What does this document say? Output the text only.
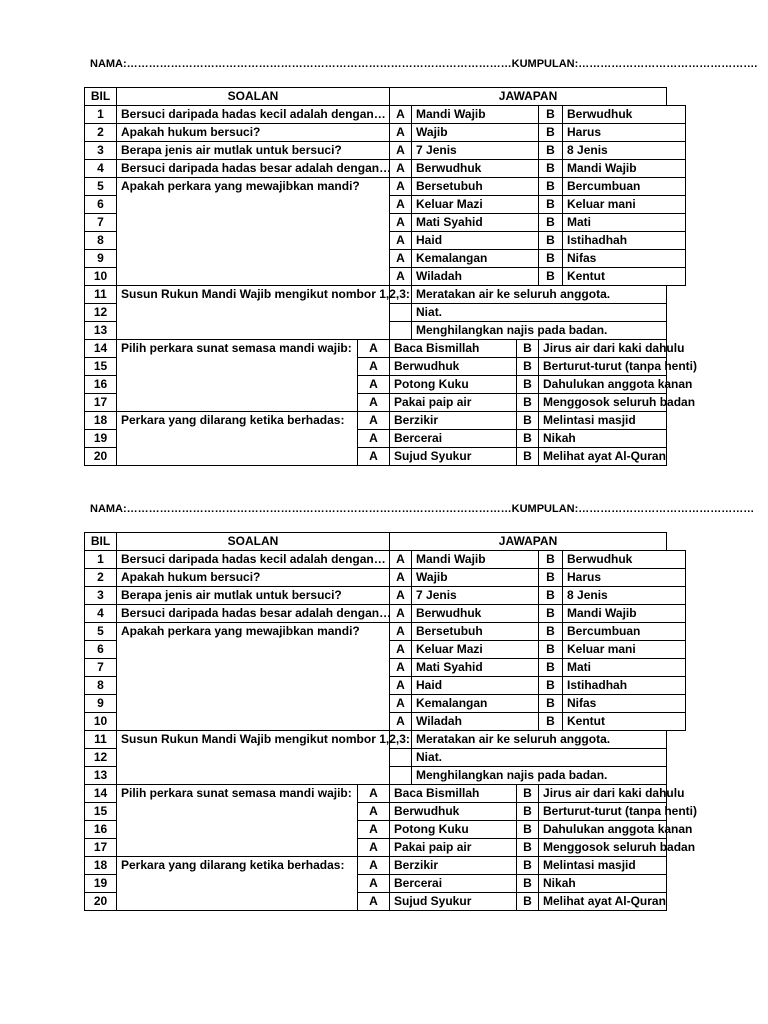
NAMA:……………………………………………………………………………………………KUMPULAN:………………………………………….
BIL	SOALAN		JAWAPAN				
1	Bersuci daripada hadas kecil adalah dengan…		A	Mandi Wajib		B	Berwudhuk
2	Apakah hukum bersuci?		A	Wajib		B	Harus
3	Berapa jenis air mutlak untuk bersuci?		A	7 Jenis		B	8 Jenis
4	Bersuci daripada hadas besar adalah dengan…		A	Berwudhuk		B	Mandi Wajib
5	Apakah perkara yang mewajibkan mandi?		A	Bersetubuh		B	Bercumbuan
6			A	Keluar Mazi		B	Keluar mani
7			A	Mati Syahid		B	Mati
8			A	Haid		B	Istihadhah
9			A	Kemalangan		B	Nifas
10			A	Wiladah		B	Kentut
11	Susun Rukun Mandi Wajib mengikut nombor 1,2,3:			Meratakan air ke seluruh anggota.			
12				Niat.			
13				Menghilangkan najis pada badan.			
14	Pilih perkara sunat semasa mandi wajib:	A	Baca Bismillah		B	Jirus air dari kaki dahulu	
15		A	Berwudhuk		B	Berturut-turut (tanpa henti)	
16		A	Potong Kuku		B	Dahulukan anggota kanan	
17		A	Pakai paip air		B	Menggosok seluruh badan	
18	Perkara yang dilarang ketika berhadas:	A	Berzikir		B	Melintasi masjid	
19		A	Bercerai		B	Nikah	
20		A	Sujud Syukur		B	Melihat ayat Al-Quran	
NAMA:……………………………………………………………………………………………KUMPULAN:…………………………………………
BIL	SOALAN		JAWAPAN				
1	Bersuci daripada hadas kecil adalah dengan…		A	Mandi Wajib		B	Berwudhuk
2	Apakah hukum bersuci?		A	Wajib		B	Harus
3	Berapa jenis air mutlak untuk bersuci?		A	7 Jenis		B	8 Jenis
4	Bersuci daripada hadas besar adalah dengan…		A	Berwudhuk		B	Mandi Wajib
5	Apakah perkara yang mewajibkan mandi?		A	Bersetubuh		B	Bercumbuan
6			A	Keluar Mazi		B	Keluar mani
7			A	Mati Syahid		B	Mati
8			A	Haid		B	Istihadhah
9			A	Kemalangan		B	Nifas
10			A	Wiladah		B	Kentut
11	Susun Rukun Mandi Wajib mengikut nombor 1,2,3:			Meratakan air ke seluruh anggota.			
12				Niat.			
13				Menghilangkan najis pada badan.			
14	Pilih perkara sunat semasa mandi wajib:	A	Baca Bismillah		B	Jirus air dari kaki dahulu	
15		A	Berwudhuk		B	Berturut-turut (tanpa henti)	
16		A	Potong Kuku		B	Dahulukan anggota kanan	
17		A	Pakai paip air		B	Menggosok seluruh badan	
18	Perkara yang dilarang ketika berhadas:	A	Berzikir		B	Melintasi masjid	
19		A	Bercerai		B	Nikah	
20		A	Sujud Syukur		B	Melihat ayat Al-Quran	
